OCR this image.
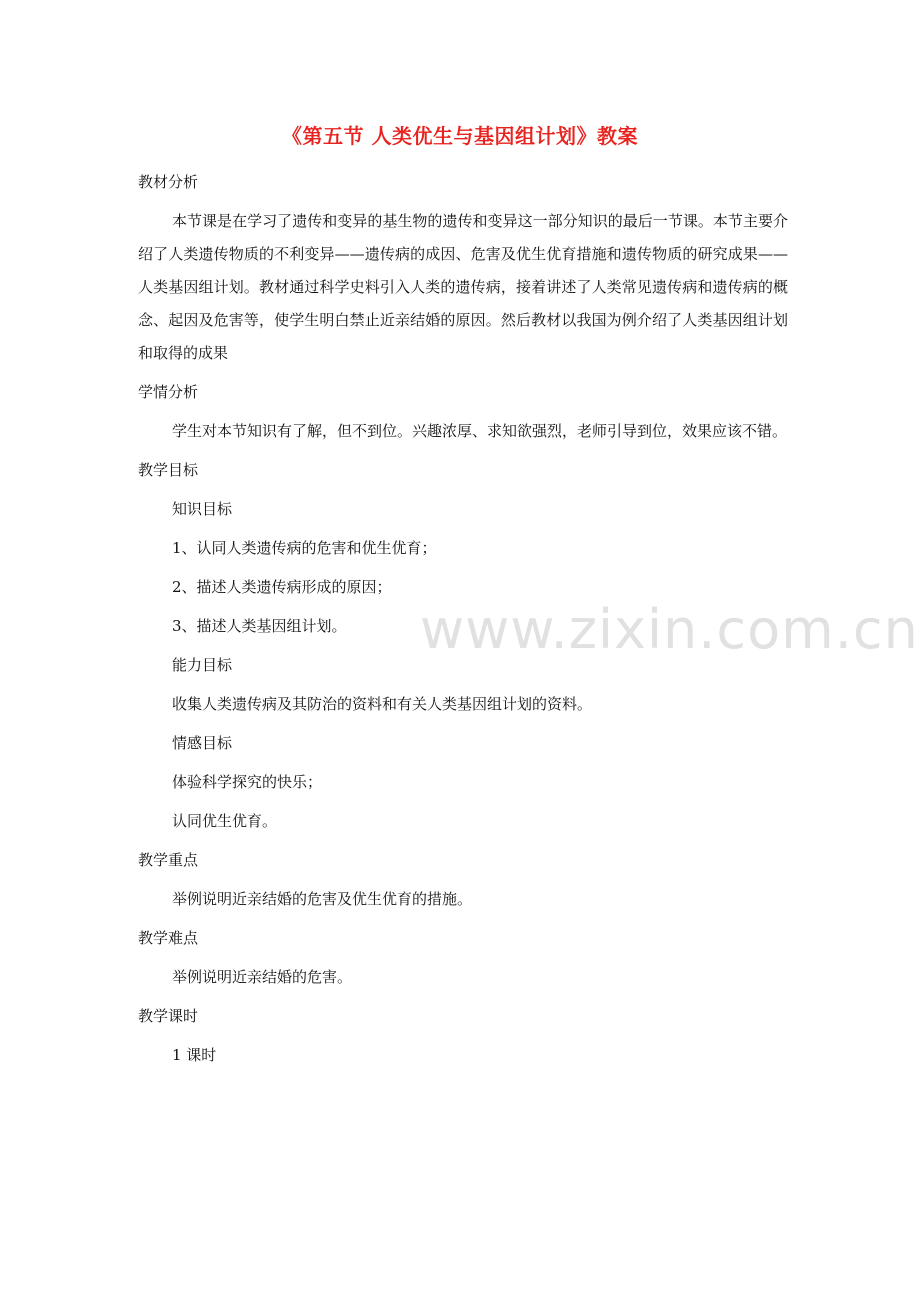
《第五节 人类优生与基因组计划》教案
www.zixin.com.cn

教材分析

本节课是在学习了遗传和变异的基生物的遗传和变异这一部分知识的最后一节课。本节主要介绍了人类遗传物质的不利变异——遗传病的成因、危害及优生优育措施和遗传物质的研究成果——人类基因组计划。教材通过科学史料引入人类的遗传病，接着讲述了人类常见遗传病和遗传病的概念、起因及危害等，使学生明白禁止近亲结婚的原因。然后教材以我国为例介绍了人类基因组计划和取得的成果

学情分析

学生对本节知识有了解，但不到位。兴趣浓厚、求知欲强烈，老师引导到位，效果应该不错。

教学目标

知识目标

1、认同人类遗传病的危害和优生优育；

2、描述人类遗传病形成的原因；

3、描述人类基因组计划。

能力目标

收集人类遗传病及其防治的资料和有关人类基因组计划的资料。

情感目标

体验科学探究的快乐；

认同优生优育。

教学重点

举例说明近亲结婚的危害及优生优育的措施。

教学难点

举例说明近亲结婚的危害。

教学课时

1 课时
